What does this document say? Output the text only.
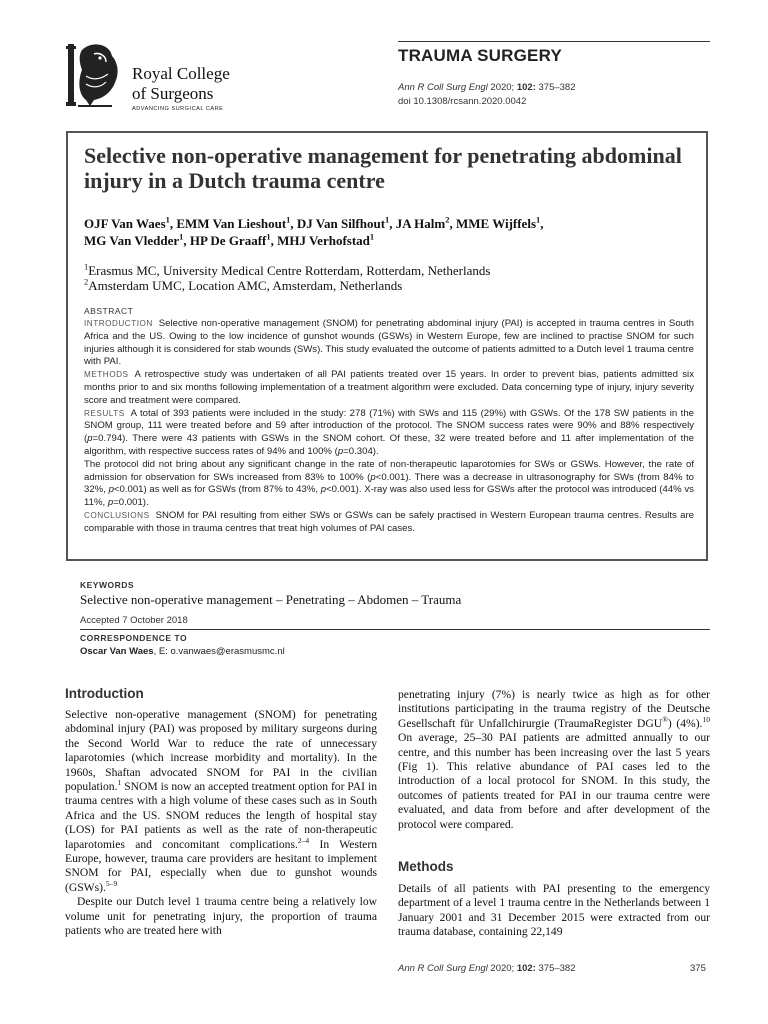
Royal College
of Surgeons
ADVANCING SURGICAL CARE
TRAUMA SURGERY
Ann R Coll Surg Engl 2020; 102: 375–382
doi 10.1308/rcsann.2020.0042
Selective non-operative management for penetrating abdominal injury in a Dutch trauma centre
OJF Van Waes$^1$, EMM Van Lieshout$^1$, DJ Van Silfhout$^1$, JA Halm$^2$, MME Wijffels$^1$,
MG Van Vledder$^1$, HP De Graaff$^1$, MHJ Verhofstad$^1$
$^1$Erasmus MC, University Medical Centre Rotterdam, Rotterdam, Netherlands
$^2$Amsterdam UMC, Location AMC, Amsterdam, Netherlands
ABSTRACT

INTRODUCTION Selective non-operative management (SNOM) for penetrating abdominal injury (PAI) is accepted in trauma centres in South Africa and the US. Owing to the low incidence of gunshot wounds (GSWs) in Western Europe, few are inclined to practise SNOM for such injuries although it is considered for stab wounds (SWs). This study evaluated the outcome of patients admitted to a Dutch level 1 trauma centre with PAI.

METHODS A retrospective study was undertaken of all PAI patients treated over 15 years. In order to prevent bias, patients admitted six months prior to and six months following implementation of a treatment algorithm were excluded. Data concerning type of injury, injury severity score and treatment were compared.

RESULTS A total of 393 patients were included in the study: 278 (71%) with SWs and 115 (29%) with GSWs. Of the 178 SW patients in the SNOM group, 111 were treated before and 59 after introduction of the protocol. The SNOM success rates were 90% and 88% respectively (p=0.794). There were 43 patients with GSWs in the SNOM cohort. Of these, 32 were treated before and 11 after implementation of the algorithm, with respective success rates of 94% and 100% (p=0.304).

The protocol did not bring about any significant change in the rate of non-therapeutic laparotomies for SWs or GSWs. However, the rate of admission for observation for SWs increased from 83% to 100% (p<0.001). There was a decrease in ultrasonography for SWs (from 84% to 32%, p<0.001) as well as for GSWs (from 87% to 43%, p<0.001). X-ray was also used less for GSWs after the protocol was introduced (44% vs 11%, p=0.001).

CONCLUSIONS SNOM for PAI resulting from either SWs or GSWs can be safely practised in Western European trauma centres. Results are comparable with those in trauma centres that treat high volumes of PAI cases.

KEYWORDS
Selective non-operative management – Penetrating – Abdomen – Trauma
Accepted 7 October 2018
CORRESPONDENCE TO
Oscar Van Waes, E: o.vanwaes@erasmusmc.nl
Introduction

Selective non-operative management (SNOM) for penetrating abdominal injury (PAI) was proposed by military surgeons during the Second World War to reduce the rate of unnecessary laparotomies (which increase morbidity and mortality). In the 1960s, Shaftan advocated SNOM for PAI in the civilian population.$^1$ SNOM is now an accepted treatment option for PAI in trauma centres with a high volume of these cases such as in South Africa and the US. SNOM reduces the length of hospital stay (LOS) for PAI patients as well as the rate of non-therapeutic laparotomies and concomitant complications.$^{2-4}$ In Western Europe, however, trauma care providers are hesitant to implement SNOM for PAI, especially when due to gunshot wounds (GSWs).$^{5-9}$

Despite our Dutch level 1 trauma centre being a relatively low volume unit for penetrating injury, the proportion of trauma patients who are treated here with

penetrating injury (7%) is nearly twice as high as for other institutions participating in the trauma registry of the Deutsche Gesellschaft für Unfallchirurgie (TraumaRegister DGU®) (4%).$^{10}$ On average, 25–30 PAI patients are admitted annually to our centre, and this number has been increasing over the last 5 years (Fig 1). This relative abundance of PAI cases led to the introduction of a local protocol for SNOM. In this study, the outcomes of patients treated for PAI in our trauma centre were evaluated, and data from before and after development of the protocol were compared.

Methods

Details of all patients with PAI presenting to the emergency department of a level 1 trauma centre in the Netherlands between 1 January 2001 and 31 December 2015 were extracted from our trauma database, containing 22,149

Ann R Coll Surg Engl 2020; 102: 375–382	375
